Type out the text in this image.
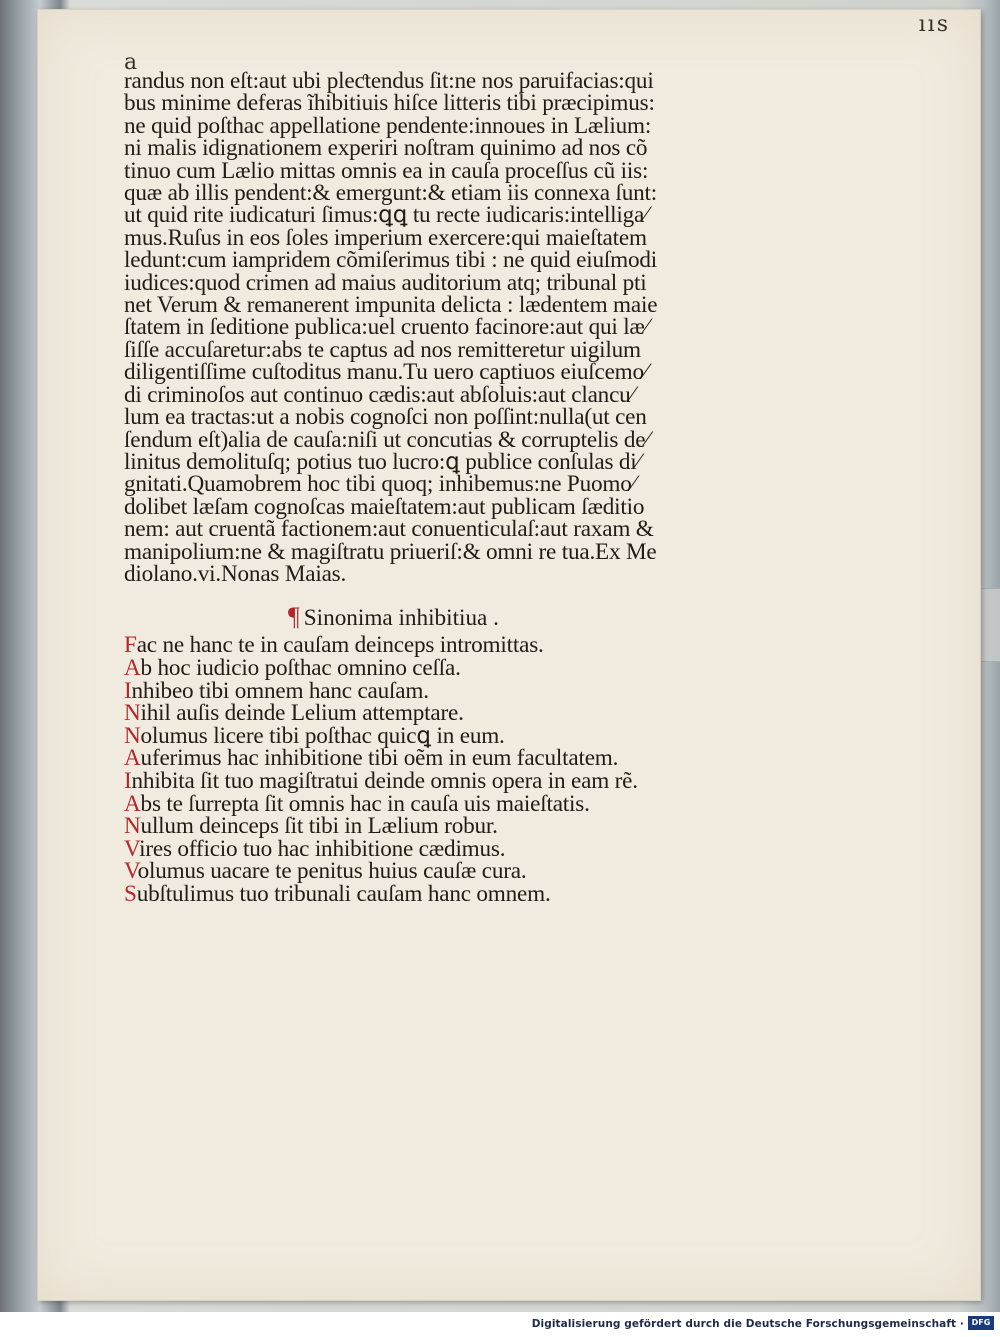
a
ııs
randus non eſt:aut ubi pleƈtendus ſit:ne nos paruifacias:qui
bus minime deferas ĩhibitiuis hiſce litteris tibi præcipimus:
ne quid poſthac appellatione pendente:innoues in Lælium:
ni malis idignationem experiri noſtram quinimo ad nos cõ
tinuo cum Lælio mittas omnis ea in cauſa proceſſus cũ iis:
quæ ab illis pendent:& emergunt:& etiam iis connexa ſunt:
ut quid rite iudicaturi ſimus:ꝗꝗ tu recte iudicaris:intelliga⁄
mus.Ruſus in eos ſoles imperium exercere:qui maieſtatem
ledunt:cum iampridem cõmiſerimus tibi : ne quid eiuſmodi
iudices:quod crimen ad maius auditorium atq; tribunal pti
net Verum & remanerent impunita delicta : lædentem maie
ſtatem in ſeditione publica:uel cruento facinore:aut qui læ⁄
ſiſſe accuſaretur:abs te captus ad nos remitteretur uigilum
diligentiſſime cuſtoditus manu.Tu uero captiuos eiuſcemo⁄
di criminoſos aut continuo cædis:aut abſoluis:aut clancu⁄
lum ea tractas:ut a nobis cognoſci non poſſint:nulla(ut cen
ſendum eſt)alia de cauſa:niſi ut concutias & corruptelis de⁄
linitus demolituſq; potius tuo lucro:ꝗ publice conſulas di⁄
gnitati.Quamobrem hoc tibi quoq; inhibemus:ne Puomo⁄
dolibet læſam cognoſcas maieſtatem:aut publicam ſæditio
nem: aut cruentã factionem:aut conuenticulaſ:aut raxam &
manipolium:ne & magiſtratu priueriſ:& omni re tua.Ex Me
diolano.vi.Nonas Maias.
¶ Sinonima inhibitiua .
Fac ne hanc te in cauſam deinceps intromittas.
Ab hoc iudicio poſthac omnino ceſſa.
Inhibeo tibi omnem hanc cauſam.
Nihil auſis deinde Lelium attemptare.
Nolumus licere tibi poſthac quicꝗ in eum.
Auferimus hac inhibitione tibi oẽm in eum facultatem.
Inhibita ſit tuo magiſtratui deinde omnis opera in eam rẽ.
Abs te ſurrepta ſit omnis hac in cauſa uis maieſtatis.
Nullum deinceps ſit tibi in Lælium robur.
Vires officio tuo hac inhibitione cædimus.
Volumus uacare te penitus huius cauſæ cura.
Subſtulimus tuo tribunali cauſam hanc omnem.
Digitalisierung gefördert durch die Deutsche Forschungsgemeinschaft · DFG
